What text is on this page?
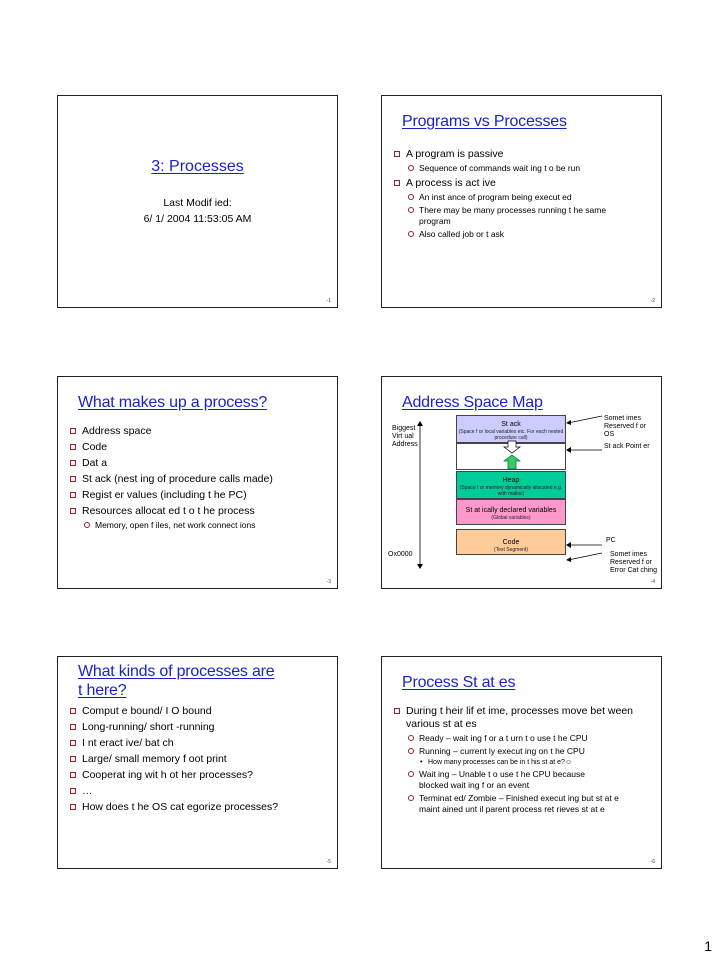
3: Processes
Last Modif ied:
6/ 1/ 2004 11:53:05 AM
-1
Programs vs Processes
A program is passive
Sequence of commands wait ing t o be run
A process is act ive
An inst ance of program being execut ed
There may be many processes running t he same program
Also called job or t ask
-2
What makes up a process?
Address space
Code
Dat a
St ack (nest ing of procedure calls made)
Regist er values (including t he PC)
Resources allocat ed t o t he process
Memory, open f iles, net work connect ions
-3
Address Space Map
Biggest Virt ual Address
Ox0000
St ack
(Space f or local variables etc. For each nested procedure call)
Heap
(Space f or memory dynamically allocated e.g. with malloc)
St at ically declared variables
(Global variables)
Code
(Text Segment)
Somet imes Reserved f or OS
St ack Point er
PC
Somet imes Reserved f or Error Cat ching
-4
What kinds of processes are
t here?
Comput e bound/ I O bound
Long-running/ short -running
I nt eract ive/ bat ch
Large/ small memory f oot print
Cooperat ing wit h ot her processes?
…
How does t he OS cat egorize processes?
-5
Process St at es
During t heir lif et ime, processes move bet ween various st at es
Ready – wait ing f or a t urn t o use t he CPU
Running – current ly execut ing on t he CPU
• How many processes can be in t his st at e?☺
Wait ing – Unable t o use t he CPU because blocked wait ing f or an event
Terminat ed/ Zombie – Finished execut ing but st at e maint ained unt il parent process ret rieves st at e
-6
1
